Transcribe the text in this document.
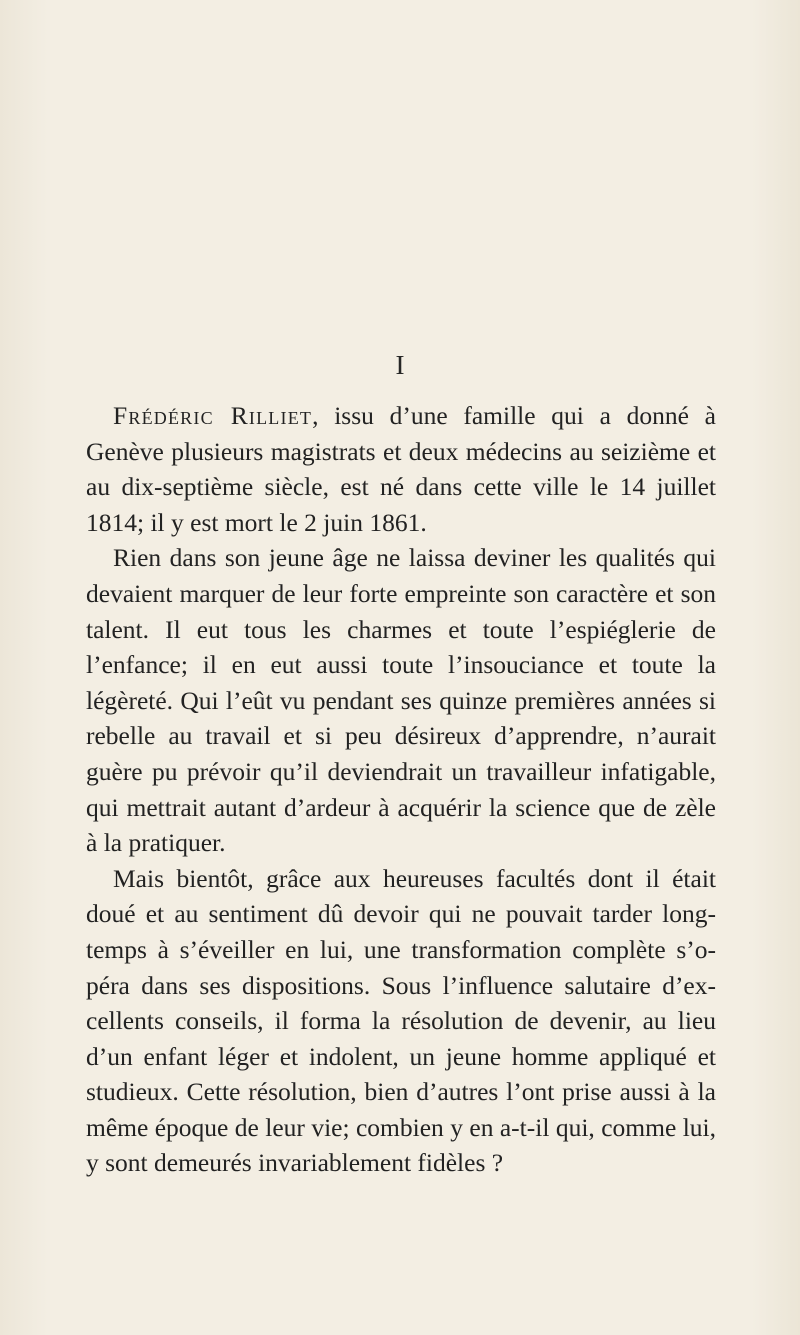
I

Frédéric Rilliet, issu d’une famille qui a donné à Genève plusieurs magistrats et deux médecins au seizième et au dix-septième siècle, est né dans cette ville le 14 juillet 1814; il y est mort le 2 juin 1861.

Rien dans son jeune âge ne laissa deviner les qualités qui devaient marquer de leur forte empreinte son caractère et son talent. Il eut tous les charmes et toute l’espiéglerie de l’enfance; il en eut aussi toute l’insouciance et toute la légèreté. Qui l’eût vu pendant ses quinze premières années si rebelle au travail et si peu désireux d’apprendre, n’aurait guère pu prévoir qu’il deviendrait un travailleur infatigable, qui mettrait autant d’ardeur à acquérir la science que de zèle à la pratiquer.

Mais bientôt, grâce aux heureuses facultés dont il était doué et au sentiment dû devoir qui ne pouvait tarder long-temps à s’éveiller en lui, une transformation complète s’o-péra dans ses dispositions. Sous l’influence salutaire d’ex-cellents conseils, il forma la résolution de devenir, au lieu d’un enfant léger et indolent, un jeune homme appliqué et studieux. Cette résolution, bien d’autres l’ont prise aussi à la même époque de leur vie; combien y en a-t-il qui, comme lui, y sont demeurés invariablement fidèles ?
